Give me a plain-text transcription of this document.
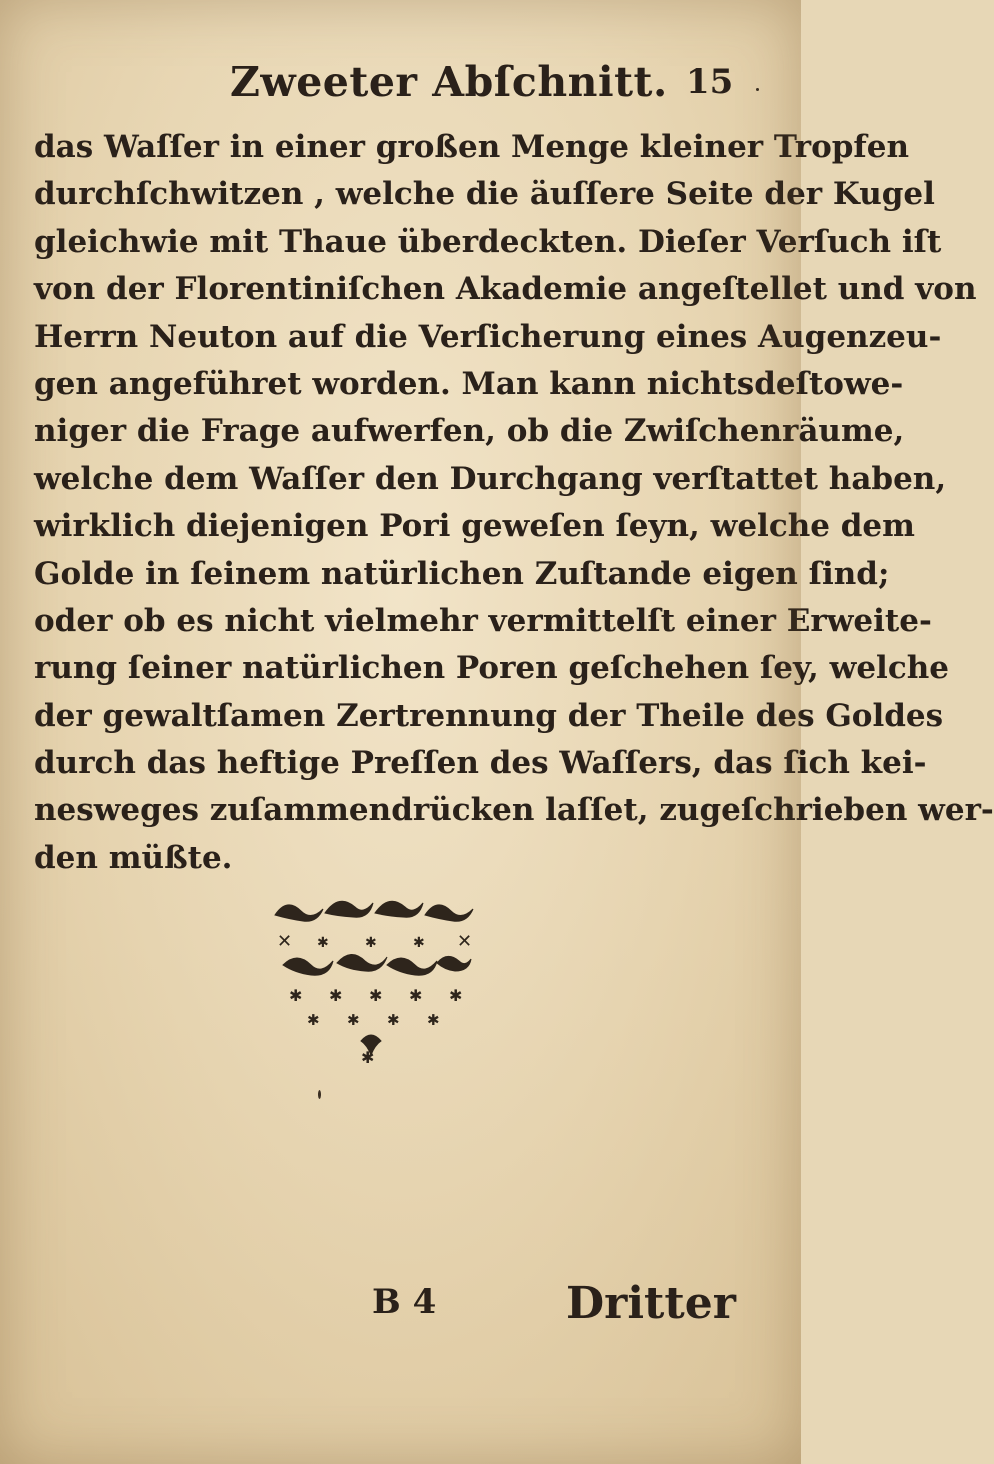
Zweeter Abſchnitt. 15
das Waſſer in einer großen Menge kleiner Tropfen
durchſchwitzen , welche die äuſſere Seite der Kugel
gleichwie mit Thaue überdeckten. Dieſer Verſuch iſt
von der Florentiniſchen Akademie angeſtellet und von
Herrn Neuton auf die Verſicherung eines Augenzeu-
gen angeführet worden. Man kann nichtsdeſtowe-
niger die Frage aufwerfen, ob die Zwiſchenräume,
welche dem Waſſer den Durchgang verſtattet haben,
wirklich diejenigen Pori geweſen ſeyn, welche dem
Golde in ſeinem natürlichen Zuſtande eigen ſind;
oder ob es nicht vielmehr vermittelſt einer Erweite-
rung ſeiner natürlichen Poren geſchehen ſey, welche
der gewaltſamen Zertrennung der Theile des Goldes
durch das heftige Preſſen des Waſſers, das ſich kei-
nesweges zuſammendrücken laſſet, zugeſchrieben wer-
den müßte.
✕ ✱	✱	✱ ✕
✱ ✱ ✱ ✱ ✱
✱ ✱ ✱ ✱
✱
B 4	Dritter
